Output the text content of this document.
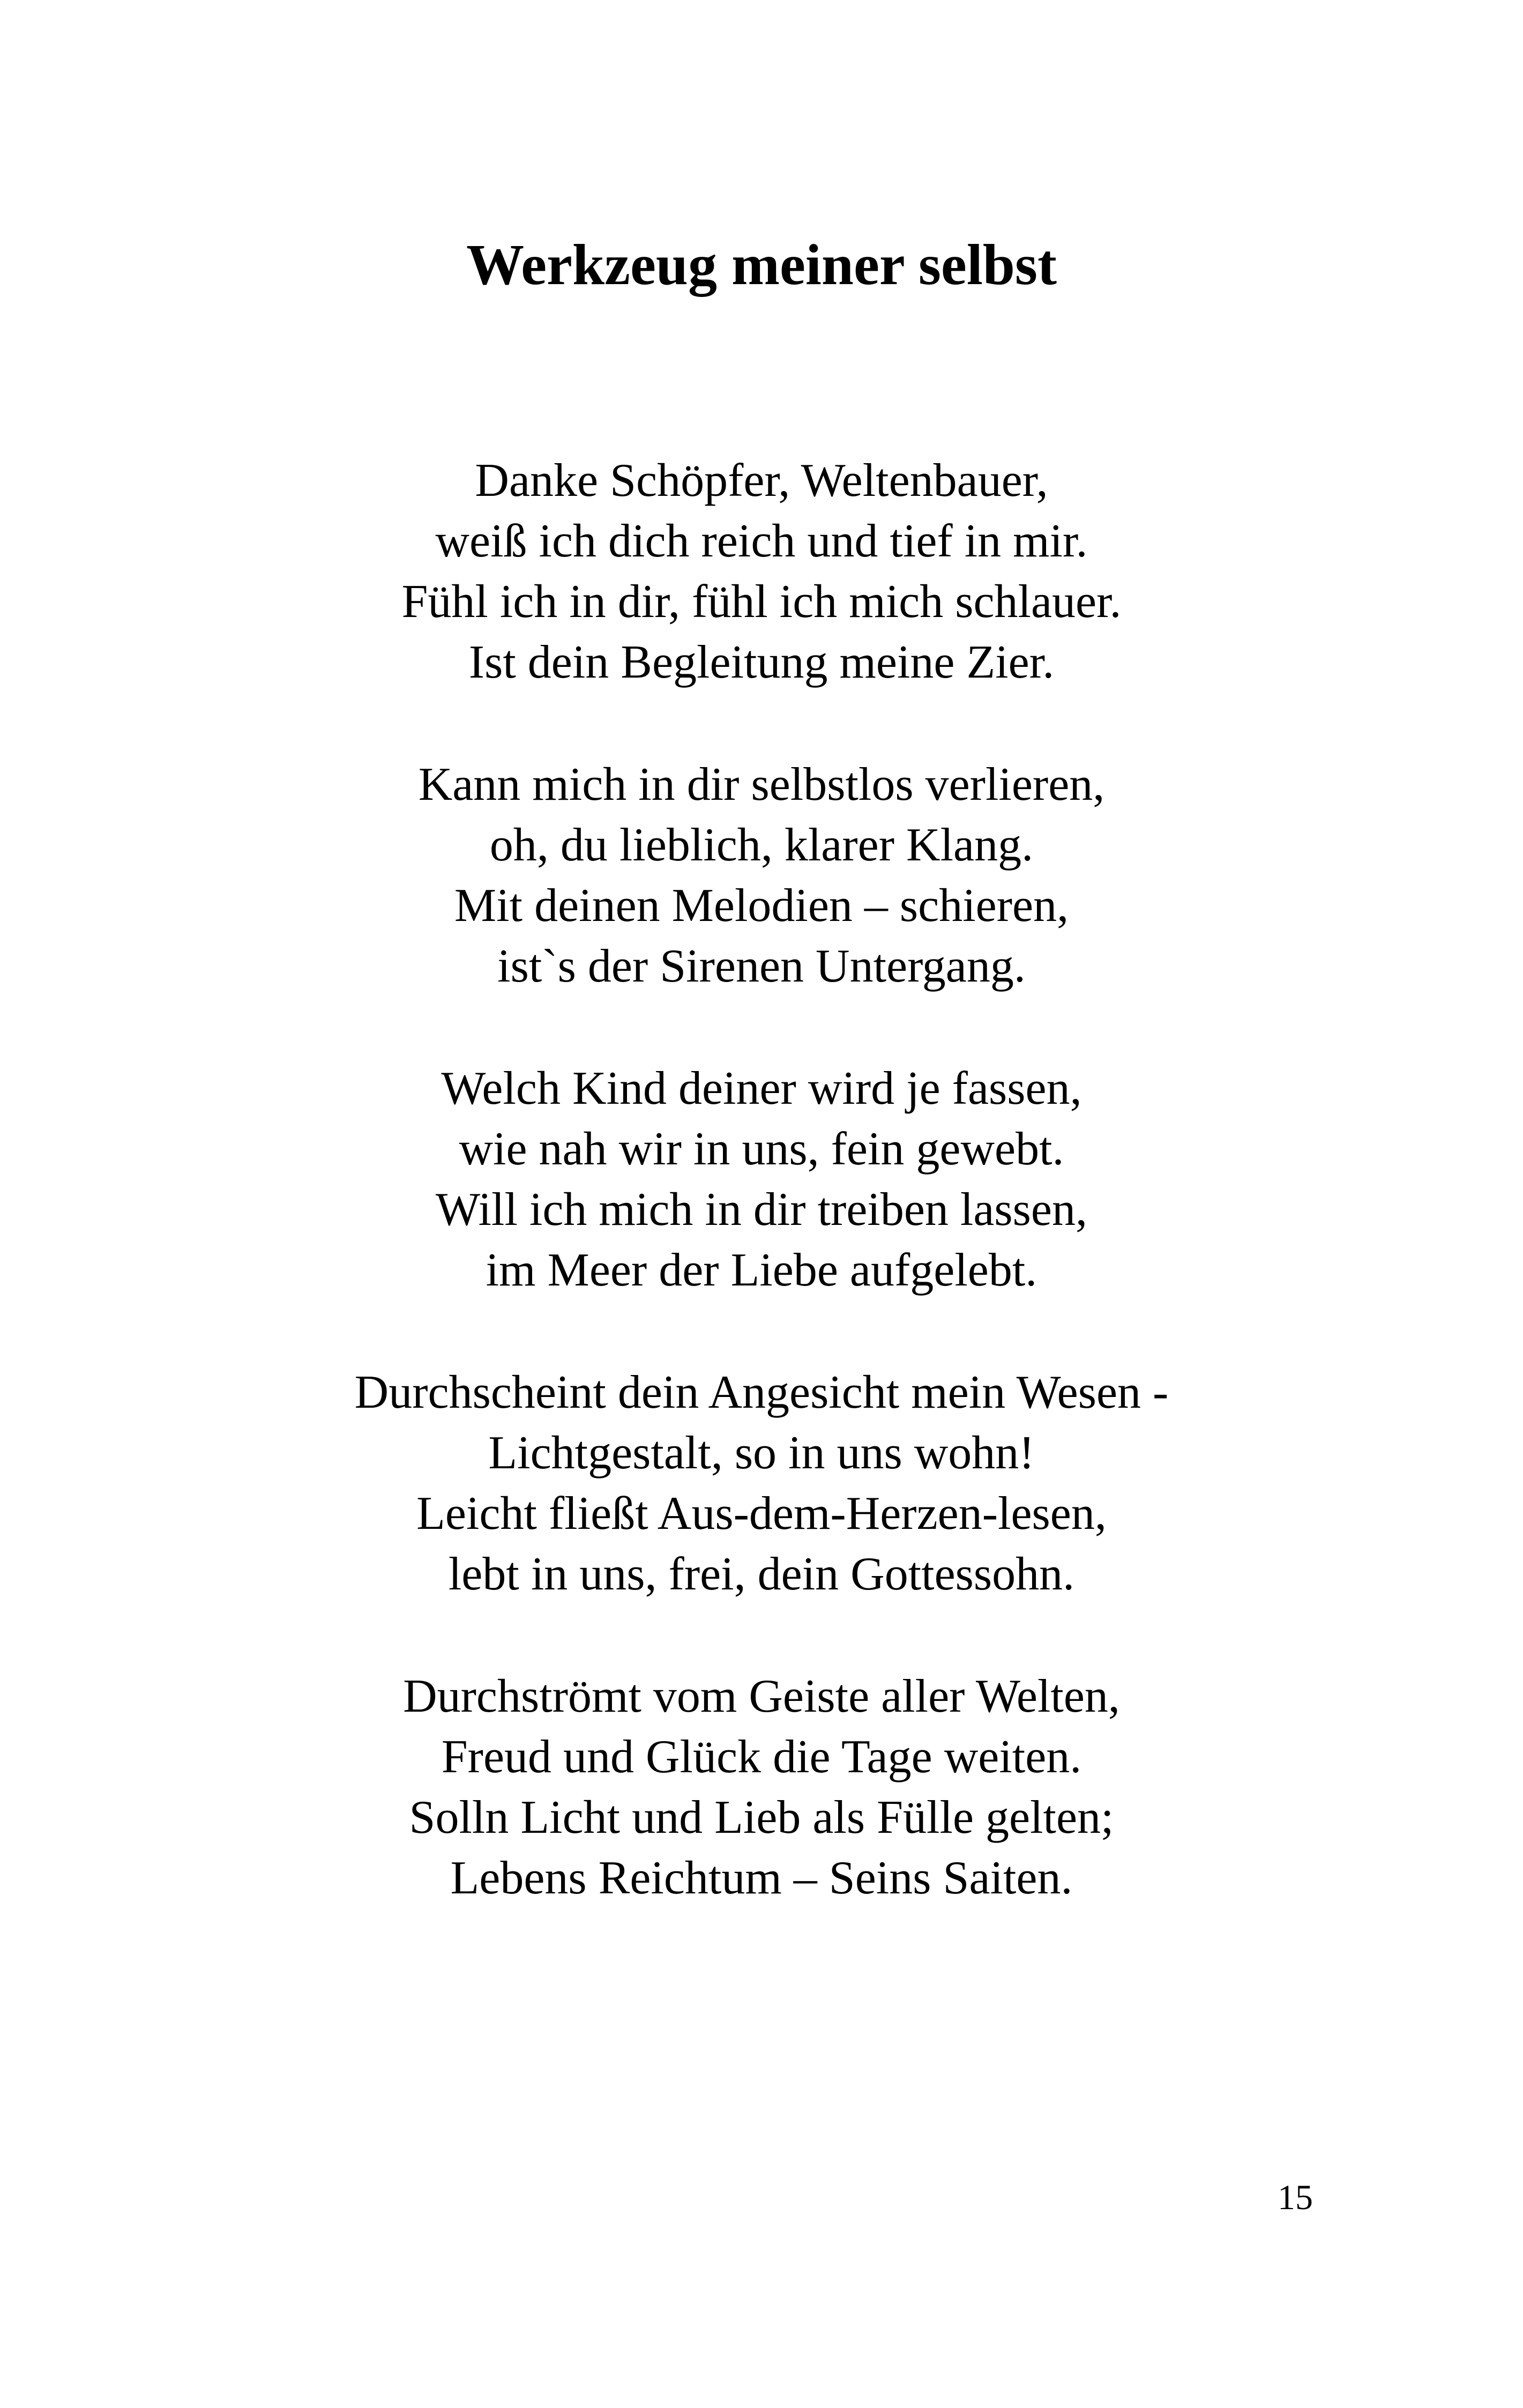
Werkzeug meiner selbst
Danke Schöpfer, Weltenbauer,
weiß ich dich reich und tief in mir.
Fühl ich in dir, fühl ich mich schlauer.
Ist dein Begleitung meine Zier.
Kann mich in dir selbstlos verlieren,
oh, du lieblich, klarer Klang.
Mit deinen Melodien – schieren,
ist`s der Sirenen Untergang.
Welch Kind deiner wird je fassen,
wie nah wir in uns, fein gewebt.
Will ich mich in dir treiben lassen,
im Meer der Liebe aufgelebt.
Durchscheint dein Angesicht mein Wesen -
Lichtgestalt, so in uns wohn!
Leicht fließt Aus-dem-Herzen-lesen,
lebt in uns, frei, dein Gottessohn.
Durchströmt vom Geiste aller Welten,
Freud und Glück die Tage weiten.
Solln Licht und Lieb als Fülle gelten;
Lebens Reichtum – Seins Saiten.
15
